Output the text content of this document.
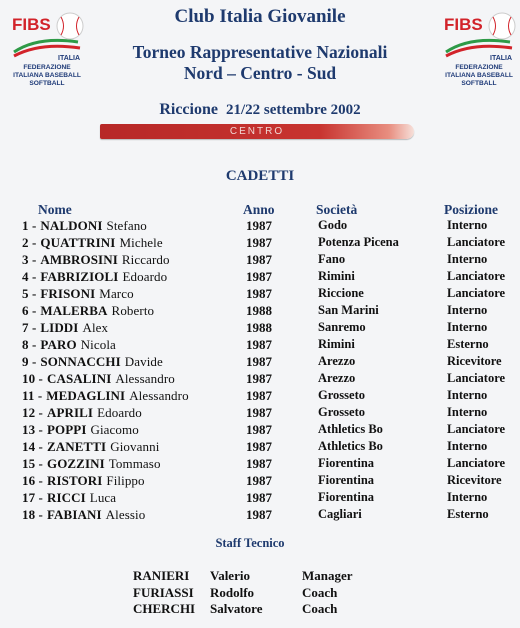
FIBS
ITALIA
FEDERAZIONE
ITALIANA BASEBALL
SOFTBALL
FIBS
ITALIA
FEDERAZIONE
ITALIANA BASEBALL
SOFTBALL
Club Italia Giovanile
Torneo Rappresentative Nazionali
Nord – Centro - Sud
Riccione 21/22 settembre 2002
CENTRO
CADETTI
Nome	Anno	Società	Posizione
1 - NALDONI Stefano	1987	Godo	Interno
2 - QUATTRINI Michele	1987	Potenza Picena	Lanciatore
3 - AMBROSINI Riccardo	1987	Fano	Interno
4 - FABRIZIOLI Edoardo	1987	Rimini	Lanciatore
5 - FRISONI Marco	1987	Riccione	Lanciatore
6 - MALERBA Roberto	1988	San Marini	Interno
7 - LIDDI Alex	1988	Sanremo	Interno
8 - PARO Nicola	1987	Rimini	Esterno
9 - SONNACCHI Davide	1987	Arezzo	Ricevitore
10 - CASALINI Alessandro	1987	Arezzo	Lanciatore
11 - MEDAGLINI Alessandro	1987	Grosseto	Interno
12 - APRILI Edoardo	1987	Grosseto	Interno
13 - POPPI Giacomo	1987	Athletics Bo	Lanciatore
14 - ZANETTI Giovanni	1987	Athletics Bo	Interno
15 - GOZZINI Tommaso	1987	Fiorentina	Lanciatore
16 - RISTORI Filippo	1987	Fiorentina	Ricevitore
17 - RICCI Luca	1987	Fiorentina	Interno
18 - FABIANI Alessio	1987	Cagliari	Esterno
Staff Tecnico
RANIERI Valerio	Manager
FURIASSI Rodolfo	Coach
CHERCHI Salvatore	Coach
